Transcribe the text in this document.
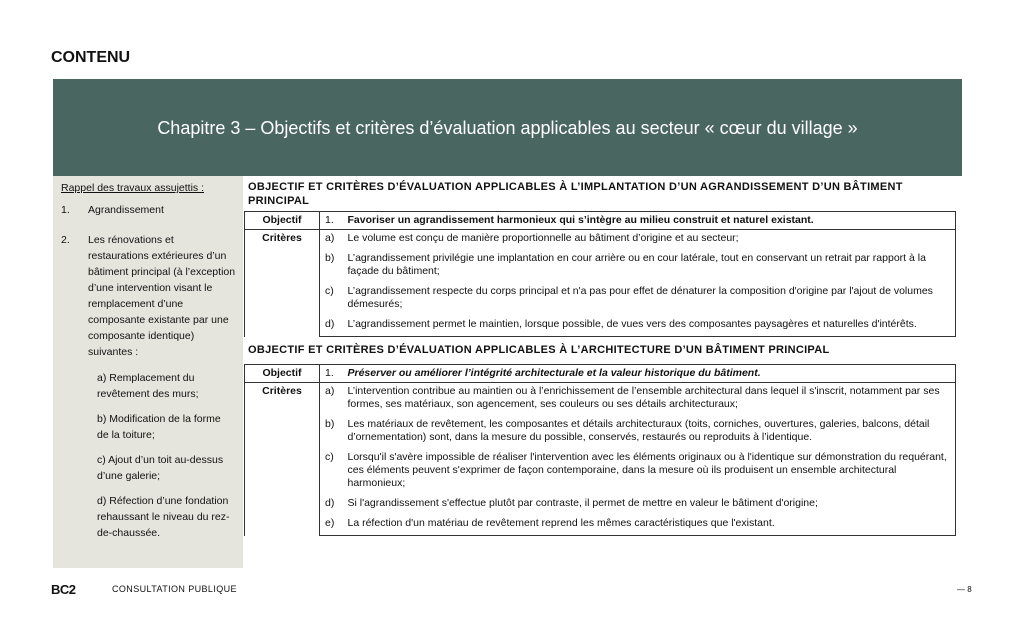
CONTENU
Chapitre 3 – Objectifs et critères d’évaluation applicables au secteur « cœur du village »
Rappel des travaux assujettis :
1.	Agrandissement
2.	Les rénovations et restaurations extérieures d’un bâtiment principal (à l’exception d’une intervention visant le remplacement d’une composante existante par une composante identique) suivantes :
a) Remplacement du revêtement des murs;
b) Modification de la forme de la toiture;
c) Ajout d’un toit au-dessus d’une galerie;
d) Réfection d’une fondation rehaussant le niveau du rez-de-chaussée.
OBJECTIF ET CRITÈRES D’ÉVALUATION APPLICABLES À L’IMPLANTATION D’UN AGRANDISSEMENT D’UN BÂTIMENT PRINCIPAL
Objectif	1.	Favoriser un agrandissement harmonieux qui s’intègre au milieu construit et naturel existant.
Critères	a)	Le volume est conçu de manière proportionnelle au bâtiment d’origine et au secteur;
	b)	L’agrandissement privilégie une implantation en cour arrière ou en cour latérale, tout en conservant un retrait par rapport à la façade du bâtiment;
	c)	L’agrandissement respecte du corps principal et n'a pas pour effet de dénaturer la composition d'origine par l'ajout de volumes démesurés;
	d)	L’agrandissement permet le maintien, lorsque possible, de vues vers des composantes paysagères et naturelles d'intérêts.
OBJECTIF ET CRITÈRES D’ÉVALUATION APPLICABLES À L’ARCHITECTURE D’UN BÂTIMENT PRINCIPAL
Objectif	1.	Préserver ou améliorer l’intégrité architecturale et la valeur historique du bâtiment.
Critères	a)	L’intervention contribue au maintien ou à l’enrichissement de l’ensemble architectural dans lequel il s'inscrit, notamment par ses formes, ses matériaux, son agencement, ses couleurs ou ses détails architecturaux;
	b)	Les matériaux de revêtement, les composantes et détails architecturaux (toits, corniches, ouvertures, galeries, balcons, détail d’ornementation) sont, dans la mesure du possible, conservés, restaurés ou reproduits à l’identique.
	c)	Lorsqu'il s'avère impossible de réaliser l'intervention avec les éléments originaux ou à l'identique sur démonstration du requérant, ces éléments peuvent s'exprimer de façon contemporaine, dans la mesure où ils produisent un ensemble architectural harmonieux;
	d)	Si l'agrandissement s'effectue plutôt par contraste, il permet de mettre en valeur le bâtiment d'origine;
	e)	La réfection d'un matériau de revêtement reprend les mêmes caractéristiques que l'existant.
BC2	CONSULTATION PUBLIQUE	— 8
